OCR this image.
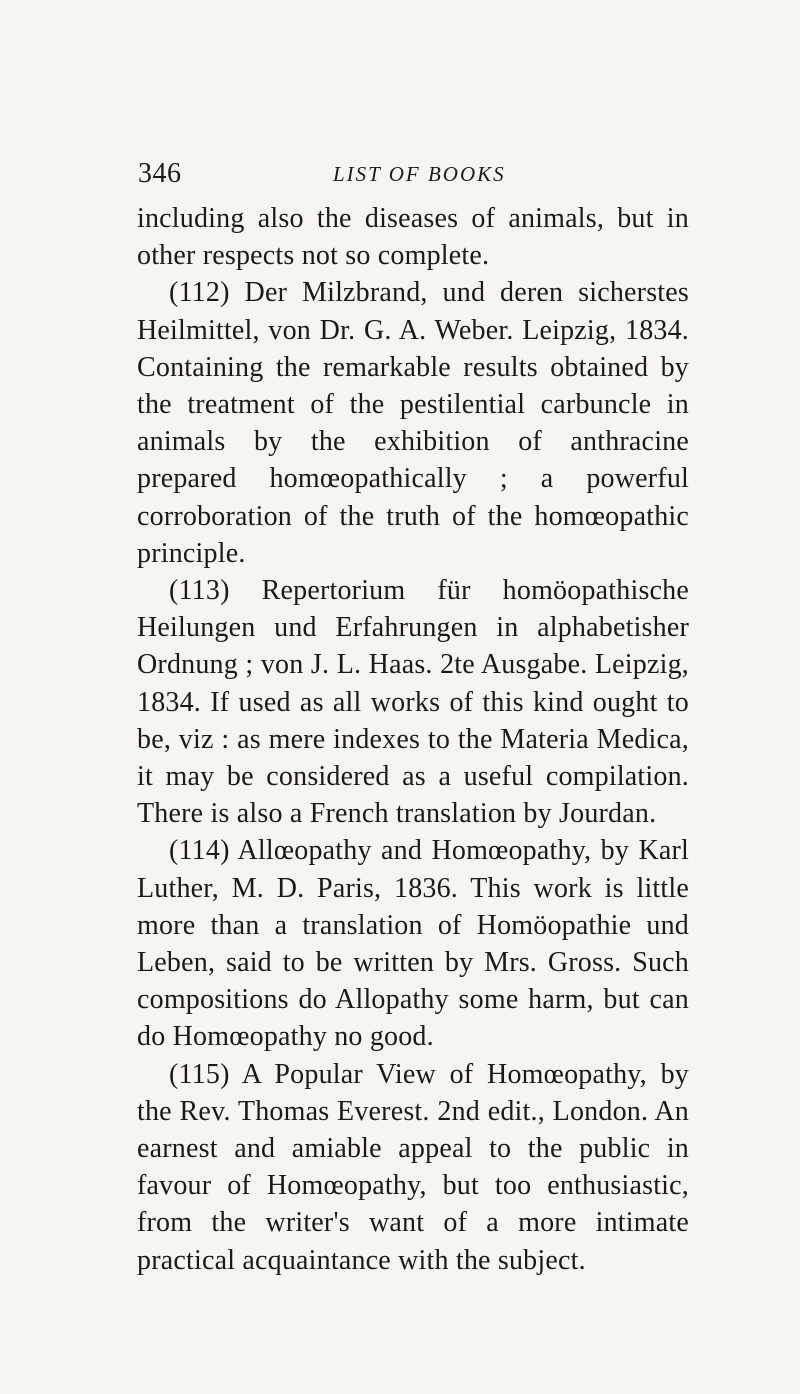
346	LIST OF BOOKS

including also the diseases of animals, but in other respects not so complete.

(112) Der Milzbrand, und deren sicherstes Heilmittel, von Dr. G. A. Weber. Leipzig, 1834. Containing the remarkable results obtained by the treatment of the pestilential carbuncle in animals by the exhibition of anthracine prepared homœopathically ; a powerful corroboration of the truth of the homœopathic principle.

(113) Repertorium für homöopathische Heilungen und Erfahrungen in alphabetisher Ordnung ; von J. L. Haas. 2te Ausgabe. Leipzig, 1834. If used as all works of this kind ought to be, viz : as mere indexes to the Materia Medica, it may be considered as a useful compilation. There is also a French translation by Jourdan.

(114) Allœopathy and Homœopathy, by Karl Luther, M. D. Paris, 1836. This work is little more than a translation of Homöopathie und Leben, said to be written by Mrs. Gross. Such compositions do Allopathy some harm, but can do Homœopathy no good.

(115) A Popular View of Homœopathy, by the Rev. Thomas Everest. 2nd edit., London. An earnest and amiable appeal to the public in favour of Homœopathy, but too enthusiastic, from the writer's want of a more intimate practical acquaintance with the subject.
